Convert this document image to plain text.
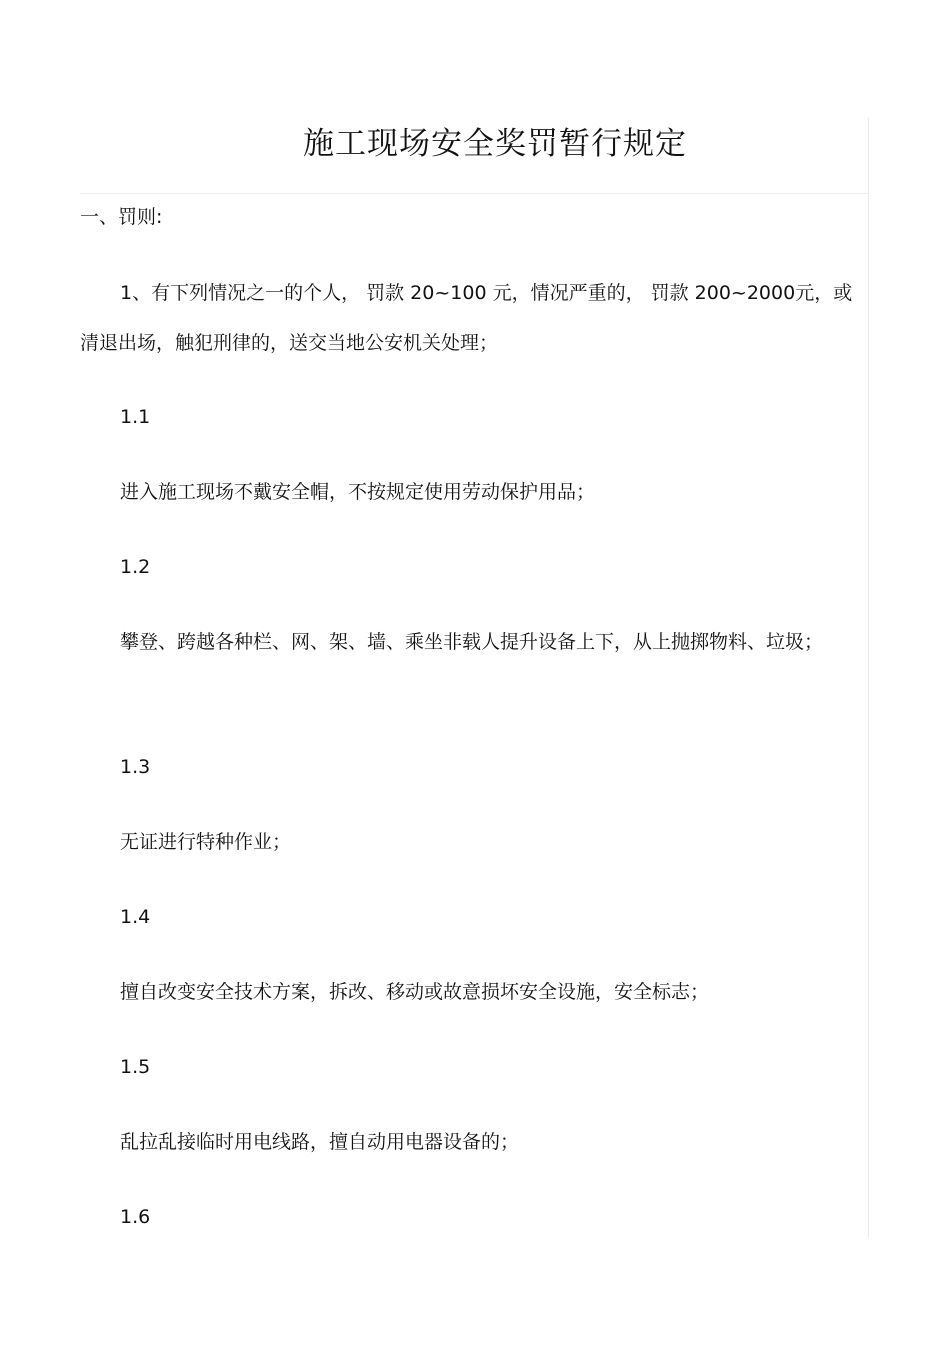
施工现场安全奖罚暂行规定

一、罚则:

1、有下列情况之一的个人， 罚款 20~100 元，情况严重的， 罚款 200~2000元，或清退出场，触犯刑律的，送交当地公安机关处理；

1.1

进入施工现场不戴安全帽，不按规定使用劳动保护用品；

1.2

攀登、跨越各种栏、网、架、墙、乘坐非载人提升设备上下，从上抛掷物料、垃圾；

1.3

无证进行特种作业；

1.4

擅自改变安全技术方案，拆改、移动或故意损坏安全设施，安全标志；

1.5

乱拉乱接临时用电线路，擅自动用电器设备的；

1.6
